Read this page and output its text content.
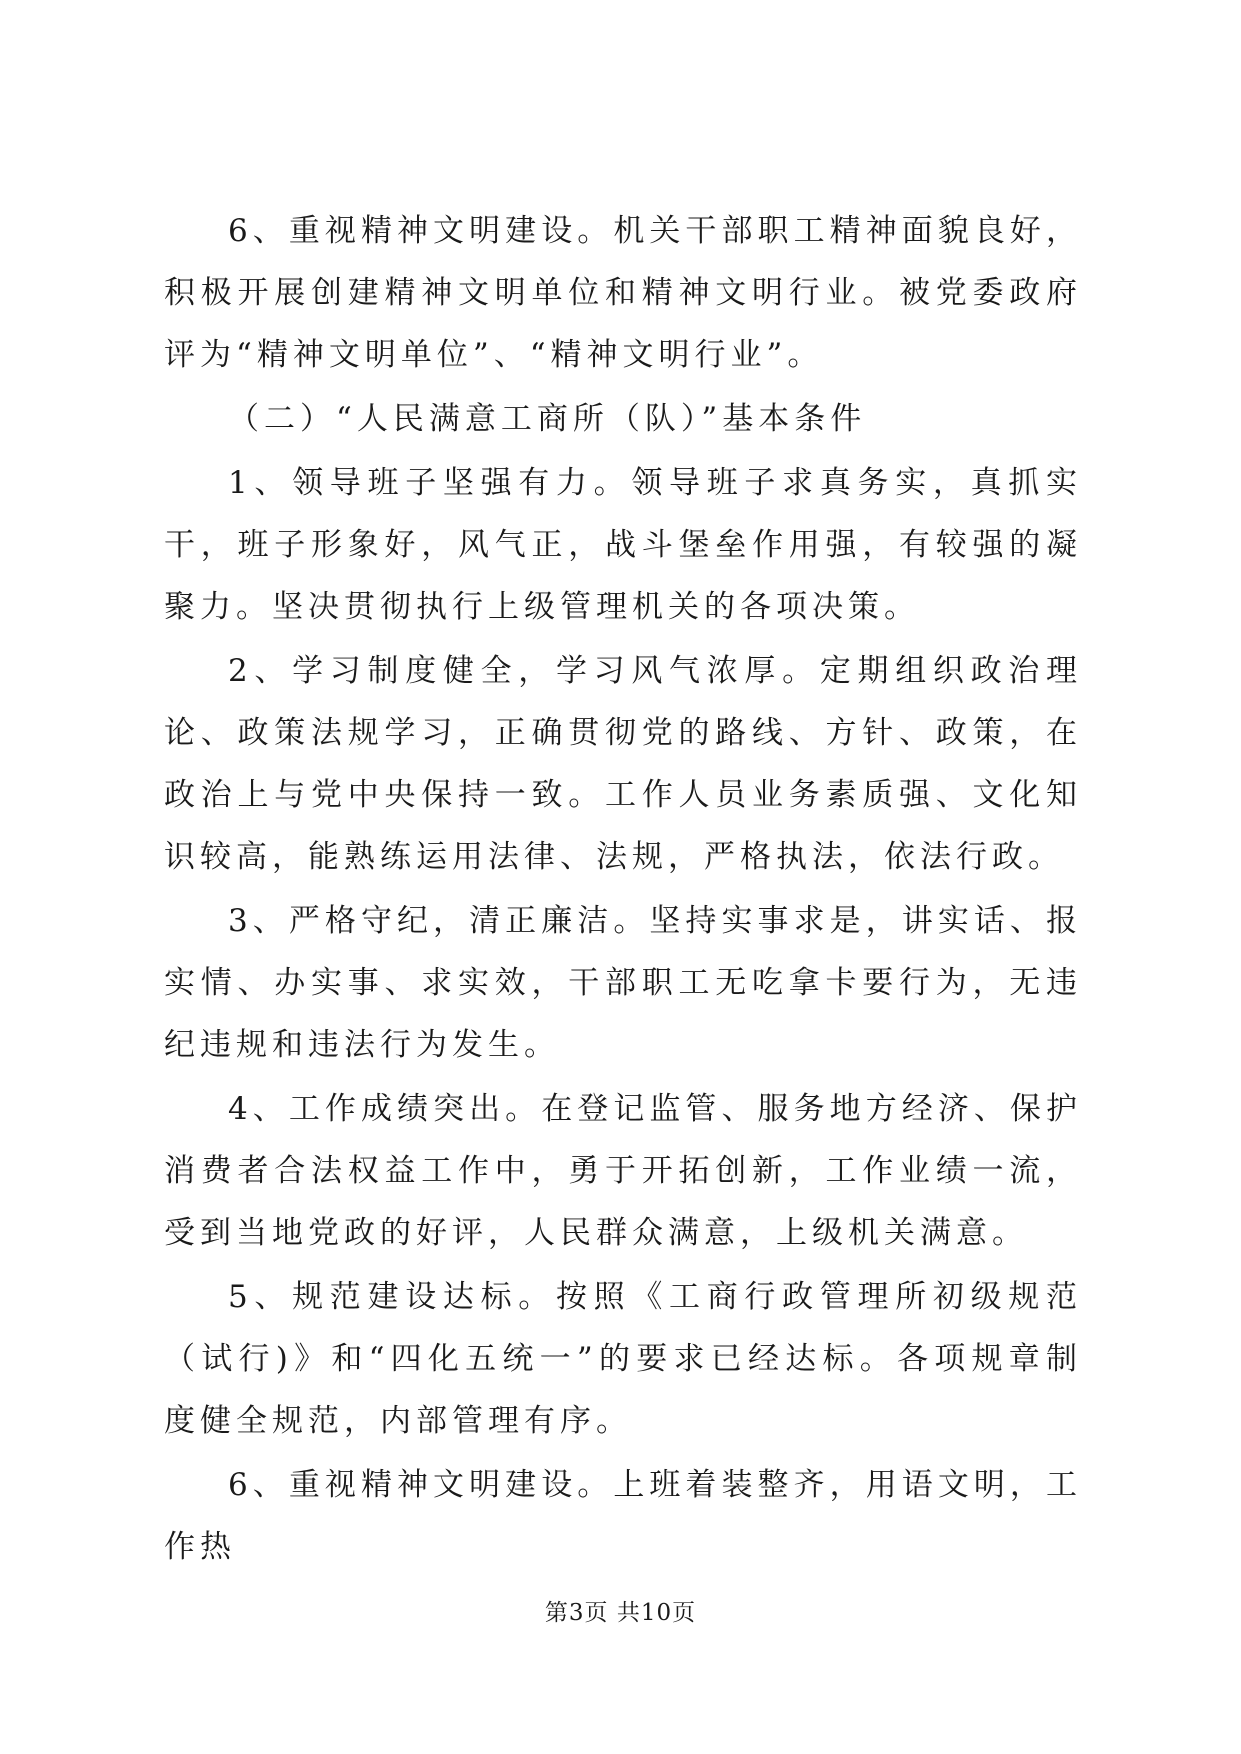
6、重视精神文明建设。机关干部职工精神面貌良好，积极开展创建精神文明单位和精神文明行业。被党委政府评为“精神文明单位”、“精神文明行业”。

（二）“人民满意工商所（队）”基本条件

1、领导班子坚强有力。领导班子求真务实，真抓实干，班子形象好，风气正，战斗堡垒作用强，有较强的凝聚力。坚决贯彻执行上级管理机关的各项决策。

2、学习制度健全，学习风气浓厚。定期组织政治理论、政策法规学习，正确贯彻党的路线、方针、政策，在政治上与党中央保持一致。工作人员业务素质强、文化知识较高，能熟练运用法律、法规，严格执法，依法行政。

3、严格守纪，清正廉洁。坚持实事求是，讲实话、报实情、办实事、求实效，干部职工无吃拿卡要行为，无违纪违规和违法行为发生。

4、工作成绩突出。在登记监管、服务地方经济、保护消费者合法权益工作中，勇于开拓创新，工作业绩一流，受到当地党政的好评，人民群众满意，上级机关满意。

5、规范建设达标。按照《工商行政管理所初级规范（试行)》和“四化五统一”的要求已经达标。各项规章制度健全规范，内部管理有序。

6、重视精神文明建设。上班着装整齐，用语文明，工作热

第3页 共10页
